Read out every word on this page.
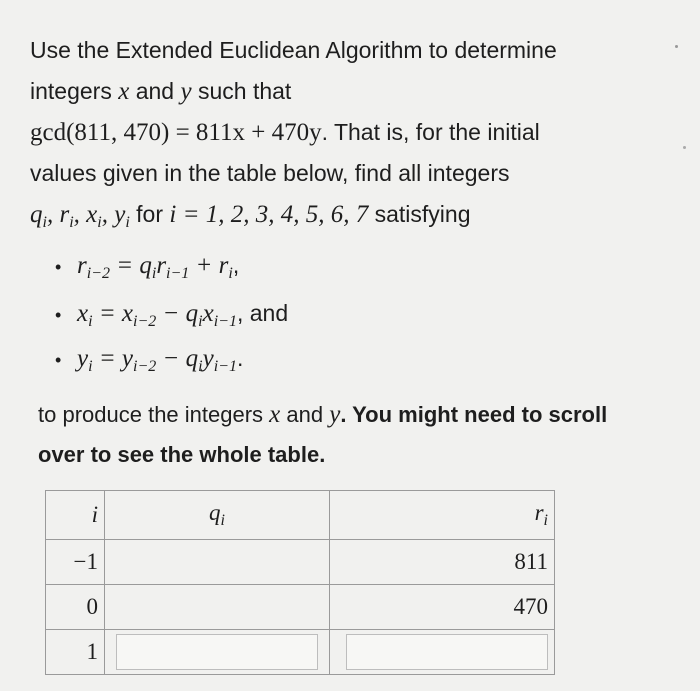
Use the Extended Euclidean Algorithm to determine
integers x and y such that
gcd(811, 470) = 811x + 470y. That is, for the initial
values given in the table below, find all integers
$q_i$, $r_i$, $x_i$, $y_i$ for i = 1, 2, 3, 4, 5, 6, 7 satisfying
• $r_{i-2} = q_ir_{i-1} + r_i$,
• $x_i = x_{i-2} - q_ix_{i-1}$, and
• $y_i = y_{i-2} - q_iy_{i-1}$.
to produce the integers x and y. You might need to scroll
over to see the whole table.
i	$q_i$	$r_i$
−1		811
0		470
1		
